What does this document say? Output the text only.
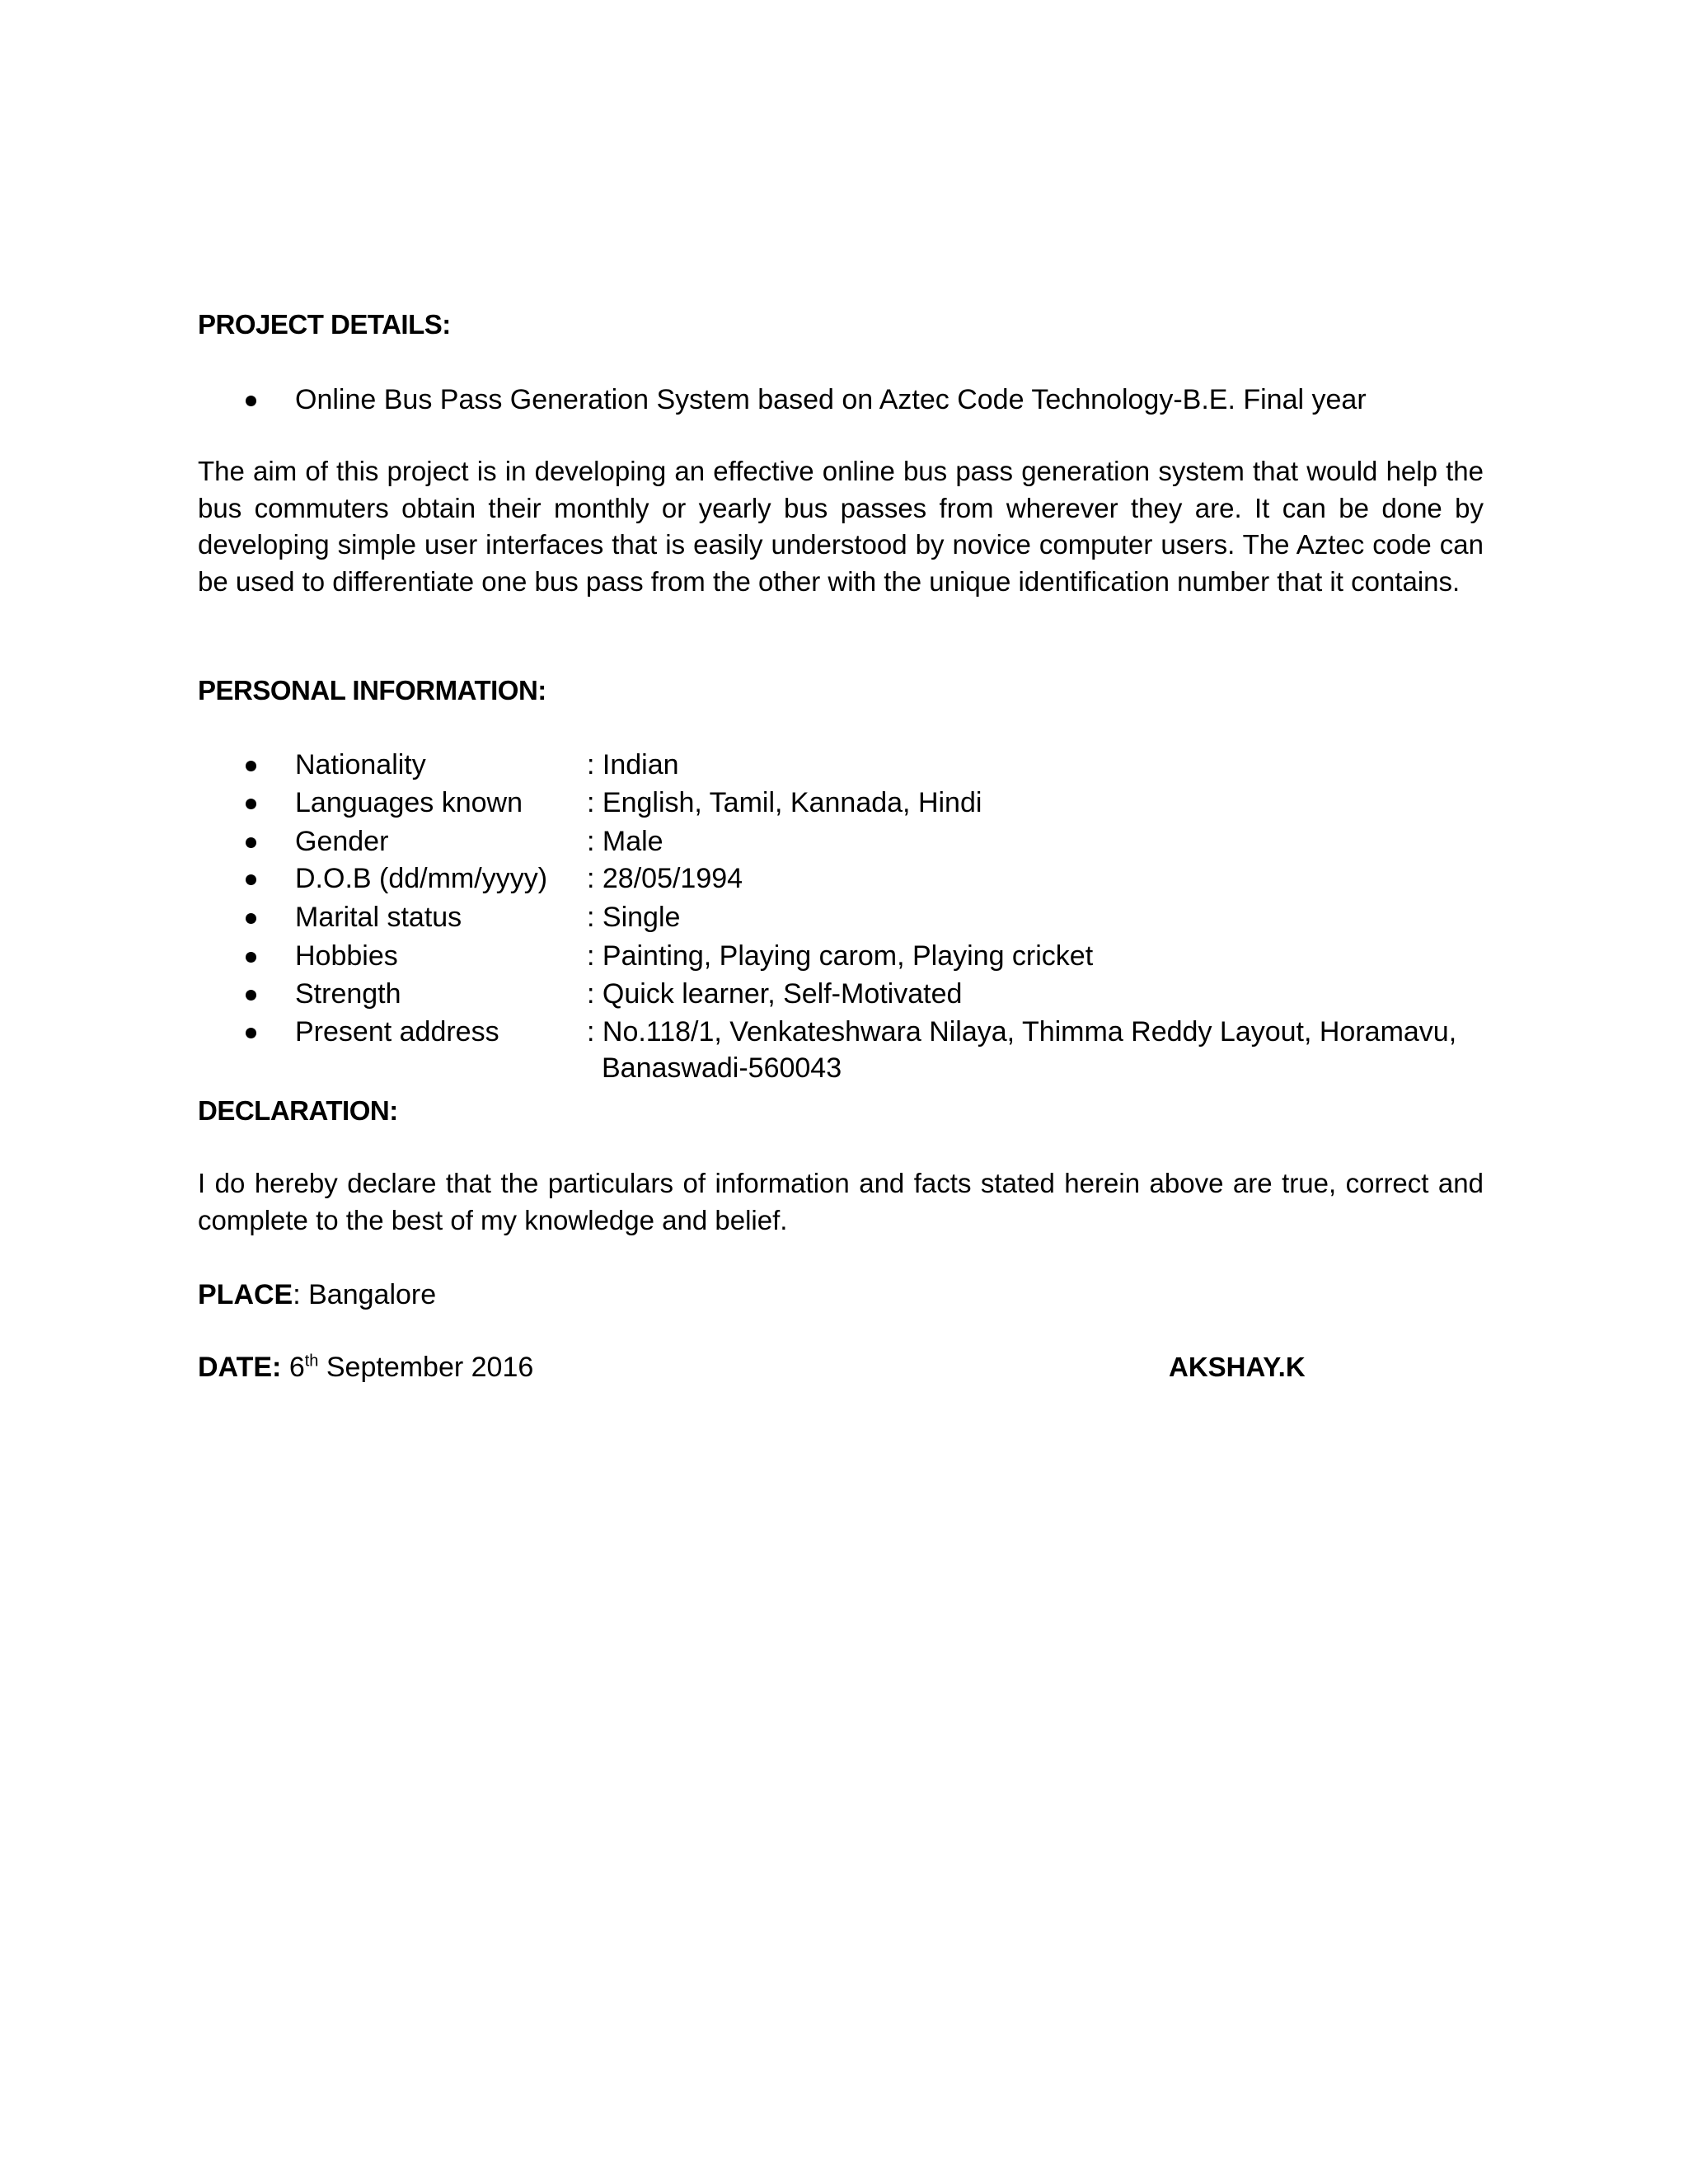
PROJECT DETAILS:
Online Bus Pass Generation System based on Aztec Code Technology-B.E. Final year
The aim of this project is in developing an effective online bus pass generation system that would help the bus commuters obtain their monthly or yearly bus passes from wherever they are. It can be done by developing simple user interfaces that is easily understood by novice computer users. The Aztec code can be used to differentiate one bus pass from the other with the unique identification number that it contains.
PERSONAL INFORMATION:
Nationality	: Indian
Languages known : English, Tamil, Kannada, Hindi
Gender	: Male
D.O.B (dd/mm/yyyy) : 28/05/1994
Marital status	: Single
Hobbies	: Painting, Playing carom, Playing cricket
Strength	: Quick learner, Self-Motivated
Present address	: No.118/1, Venkateshwara Nilaya, Thimma Reddy Layout, Horamavu,
Banaswadi-560043
DECLARATION:
I do hereby declare that the particulars of information and facts stated herein above are true, correct and complete to the best of my knowledge and belief.
PLACE: Bangalore
DATE: 6th September 2016	AKSHAY.K
